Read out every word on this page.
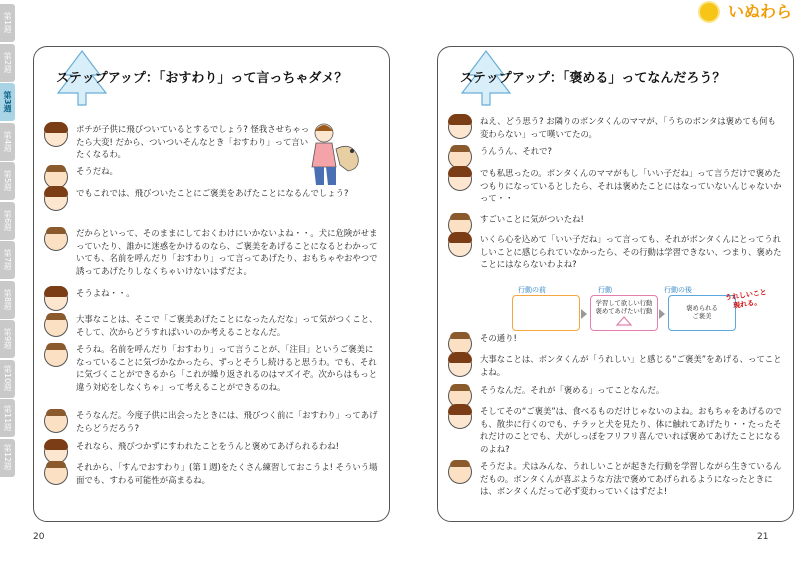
第1週
第2週
第3週
第4週
第5週
第6週
第7週
第8週
第9週
第10週
第11週
第12週
いぬわら
ステップアップ：「おすわり」って言っちゃダメ？
ポチが子供に飛びついているとするでしょう? 怪我させちゃったら大変! だから、ついついそんなとき「おすわり」って言いたくなるわ。
そうだね。
でもこれでは、飛びついたことにご褒美をあげたことになるんでしょう?
だからといって、そのままにしておくわけにいかないよね・・。犬に危険がせまっていたり、誰かに迷惑をかけるのなら、ご褒美をあげることになるとわかっていても、名前を呼んだり「おすわり」って言ってあげたり、おもちゃやおやつで誘ってあげたりしなくちゃいけないはずだよ。
そうよね・・。
大事なことは、そこで「ご褒美あげたことになったんだな」って気がつくこと、そして、次からどうすればいいのか考えることなんだ。
そうね。名前を呼んだり「おすわり」って言うことが、「注目」というご褒美になっていることに気づかなかったら、ずっとそうし続けると思うわ。でも、それに気づくことができるから「これが繰り返されるのはマズイぞ。次からはもっと違う対応をしなくちゃ」って考えることができるのね。
そうなんだ。今度子供に出会ったときには、飛びつく前に「おすわり」ってあげたらどうだろう?
それなら、飛びつかずにすわれたことをうんと褒めてあげられるわね!
それから、「すんでおすわり」(第１週)をたくさん練習しておこうよ! そういう場面でも、すわる可能性が高まるね。
20
ステップアップ：「褒める」ってなんだろう？
ねえ、どう思う? お隣りのボンタくんのママが、「うちのボンタは褒めても何も変わらない」って嘆いてたの。
うんうん、それで?
でも私思ったの。ボンタくんのママがもし「いい子だね」って言うだけで褒めたつもりになっているとしたら、それは褒めたことにはなっていないんじゃないかって・・
すごいことに気がついたね!
いくら心を込めて「いい子だね」って言っても、それがボンタくんにとってうれしいことに感じられていなかったら、その行動は学習できない、つまり、褒めたことにはならないわよね?
その通り!
大事なことは、ボンタくんが「うれしい」と感じる“ご褒美”をあげる、ってことよね。
そうなんだ。それが「褒める」ってことなんだ。
そしてその“ご褒美”は、食べるものだけじゃないのよね。おもちゃをあげるのでも、散歩に行くのでも、チラッと犬を見たり、体に触れてあげたり・・たったそれだけのことでも、犬がしっぽをフリフリ喜んでいれば褒めてあげたことになるのよね?
そうだよ。犬はみんな、うれしいことが起きた行動を学習しながら生きているんだもの。ボンタくんが喜ぶような方法で褒めてあげられるようになったときには、ボンタくんだって必ず変わっていくはずだよ!
行動の前	行動	行動の後
学習して欲しい行動
褒めてあげたい行動	褒められる
ご褒美
うれしいこと
現れる。
21
